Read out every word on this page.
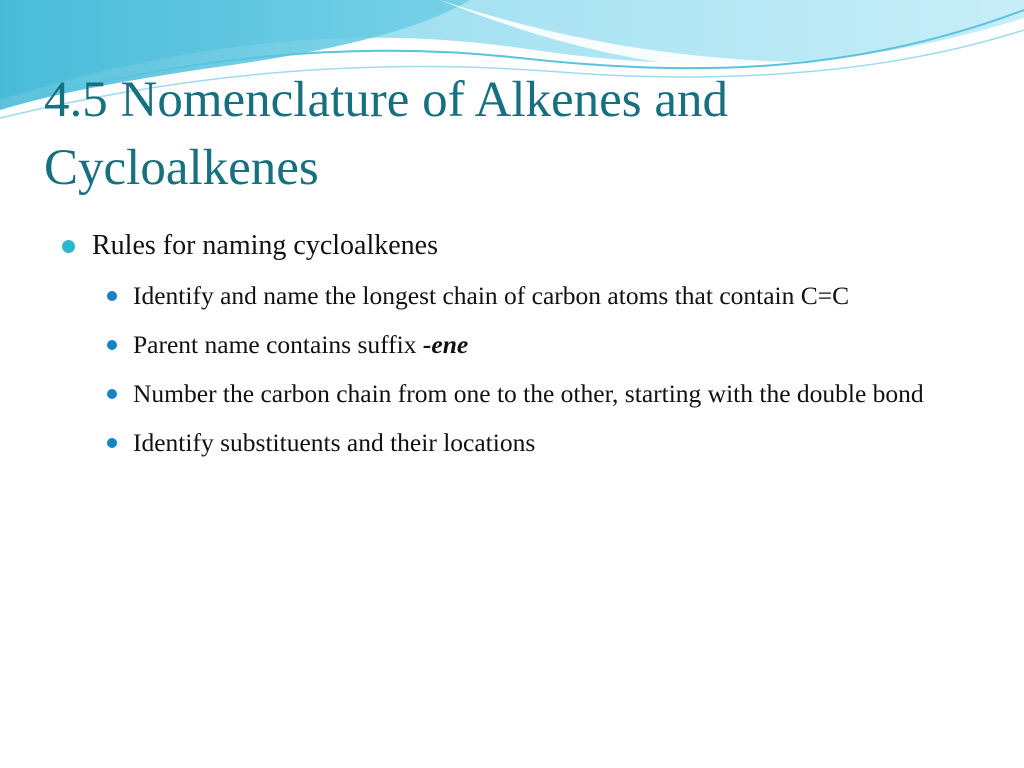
4.5 Nomenclature of Alkenes and Cycloalkenes
Rules for naming cycloalkenes
Identify and name the longest chain of carbon atoms that contain C=C
Parent name contains suffix -ene
Number the carbon chain from one to the other, starting with the double bond
Identify substituents and their locations
